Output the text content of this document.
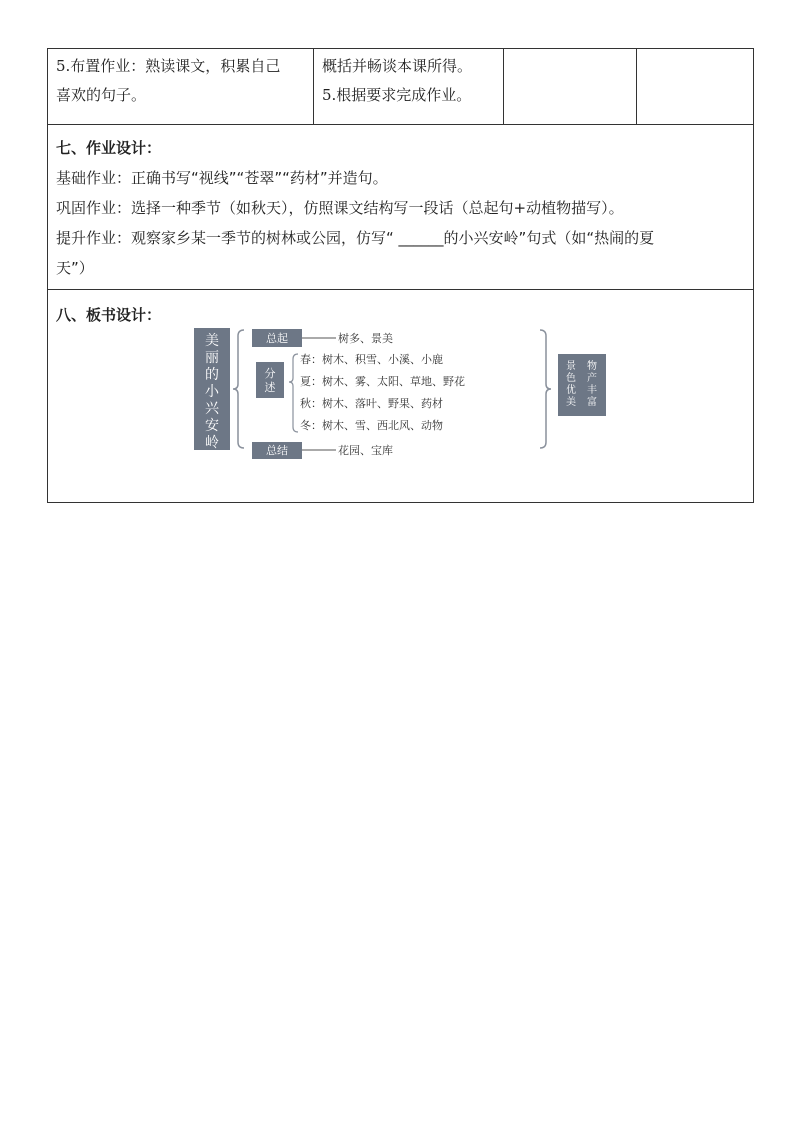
5.布置作业：熟读课文，积累自己
喜欢的句子。

概括并畅谈本课所得。
5.根据要求完成作业。

七、作业设计：
基础作业：正确书写“视线”“苍翠”“药材”并造句。
巩固作业：选择一种季节（如秋天），仿照课文结构写一段话（总起句+动植物描写）。
提升作业：观察家乡某一季节的树林或公园，仿写“ ______的小兴安岭”句式（如“热闹的夏
天”）

八、板书设计：
美
丽
的
小
兴
安
岭
总起	树多、景美
分
述
春：树木、积雪、小溪、小鹿
夏：树木、雾、太阳、草地、野花
秋：树木、落叶、野果、药材
冬：树木、雪、西北风、动物
总结	花园、宝库
景
色
优
美
物
产
丰
富
